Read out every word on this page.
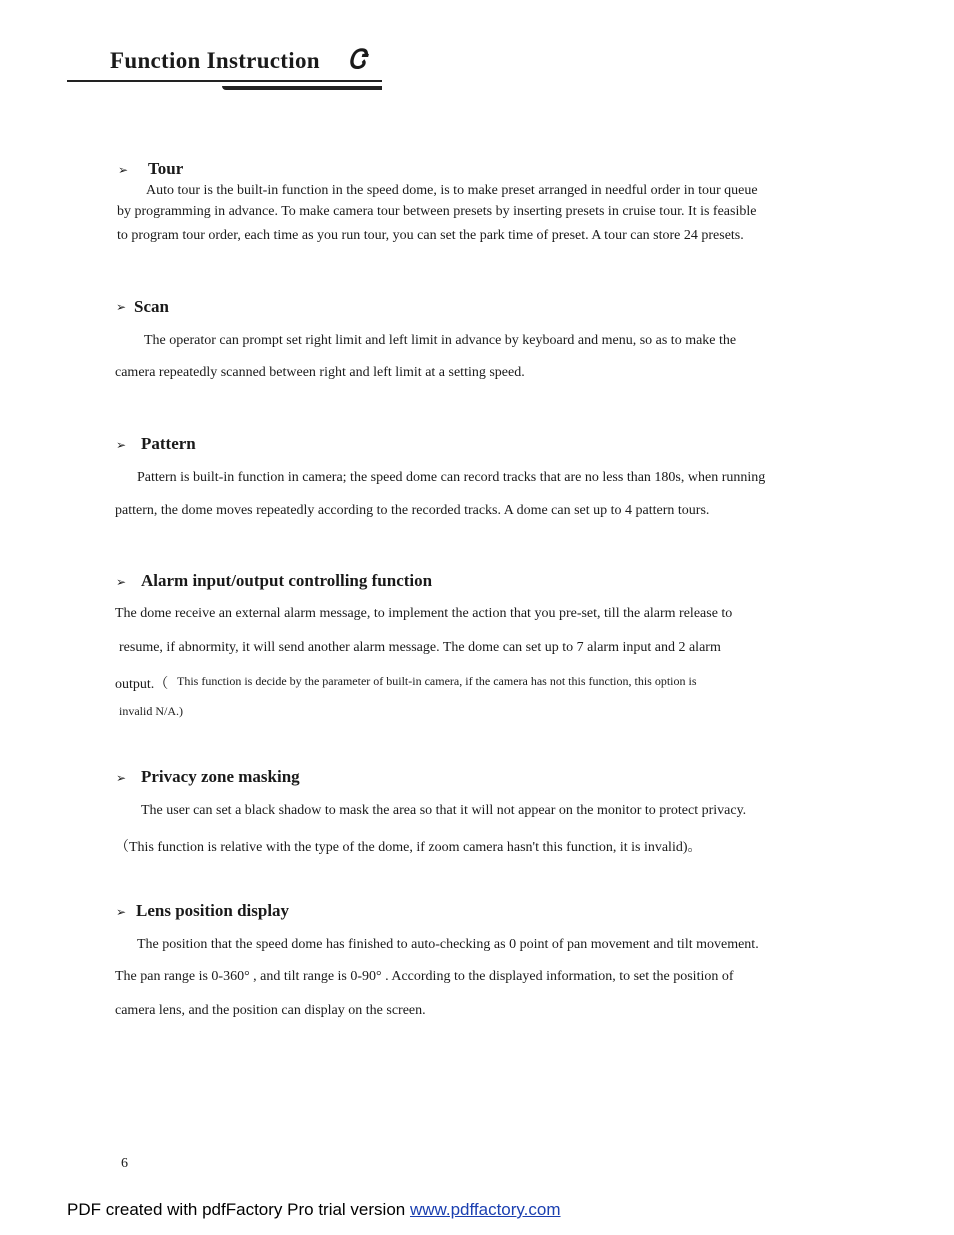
Function Instruction Ꮳ
➢ Tour
Auto tour is the built-in function in the speed dome, is to make preset arranged in needful order in tour queue
by programming in advance. To make camera tour between presets by inserting presets in cruise tour. It is feasible
to program tour order, each time as you run tour, you can set the park time of preset. A tour can store 24 presets.
➢ Scan
The operator can prompt set right limit and left limit in advance by keyboard and menu, so as to make the
camera repeatedly scanned between right and left limit at a setting speed.
➢ Pattern
Pattern is built-in function in camera; the speed dome can record tracks that are no less than 180s, when running
pattern, the dome moves repeatedly according to the recorded tracks. A dome can set up to 4 pattern tours.
➢ Alarm input/output controlling function
The dome receive an external alarm message, to implement the action that you pre-set, till the alarm release to
resume, if abnormity, it will send another alarm message. The dome can set up to 7 alarm input and 2 alarm
output.（ This function is decide by the parameter of built-in camera, if the camera has not this function, this option is
invalid N/A.)
➢ Privacy zone masking
The user can set a black shadow to mask the area so that it will not appear on the monitor to protect privacy.
（This function is relative with the type of the dome, if zoom camera hasn't this function, it is invalid)。
➢ Lens position display
The position that the speed dome has finished to auto-checking as 0 point of pan movement and tilt movement.
The pan range is 0-360° , and tilt range is 0-90° . According to the displayed information, to set the position of
camera lens, and the position can display on the screen.
6
PDF created with pdfFactory Pro trial version www.pdffactory.com
